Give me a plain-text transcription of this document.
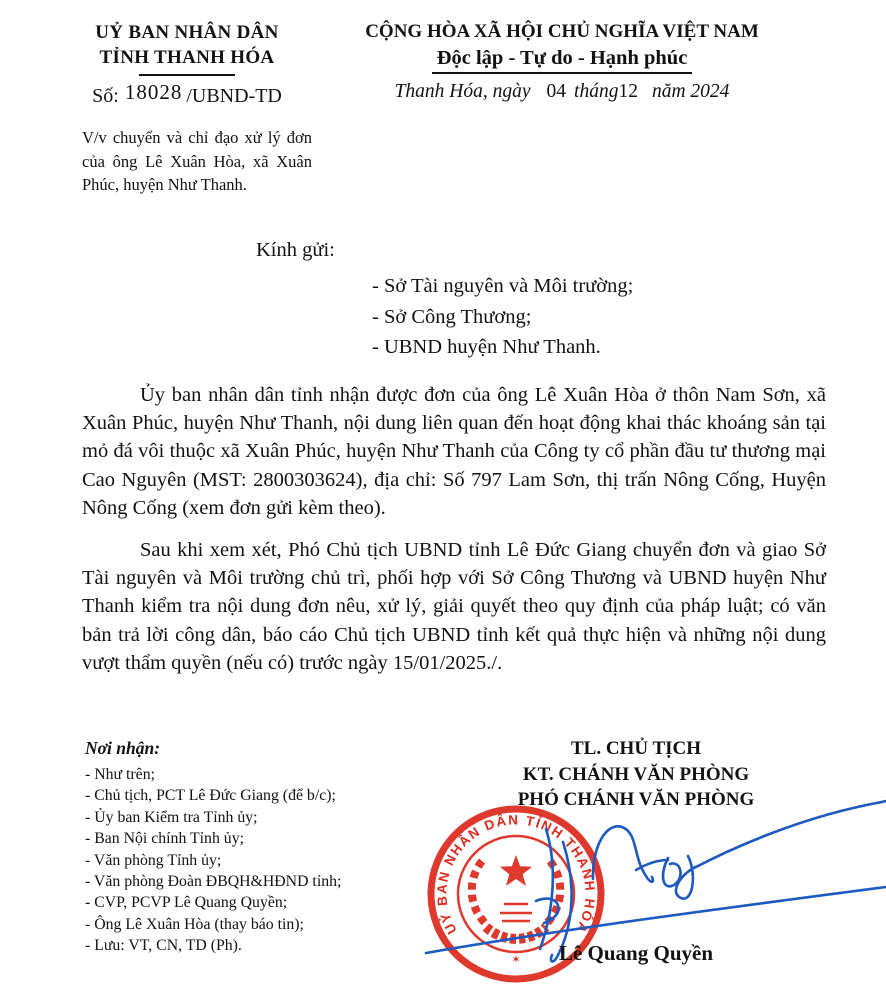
UỶ BAN NHÂN DÂN
TỈNH THANH HÓA
Số: 18028 /UBND-TD
V/v chuyển và chỉ đạo xử lý đơn của ông Lê Xuân Hòa, xã Xuân Phúc, huyện Như Thanh.
CỘNG HÒA XÃ HỘI CHỦ NGHĨA VIỆT NAM
Độc lập - Tự do - Hạnh phúc
Thanh Hóa, ngày 04 tháng12 năm 2024
Kính gửi:
- Sở Tài nguyên và Môi trường;
- Sở Công Thương;
- UBND huyện Như Thanh.

Ủy ban nhân dân tỉnh nhận được đơn của ông Lê Xuân Hòa ở thôn Nam Sơn, xã Xuân Phúc, huyện Như Thanh, nội dung liên quan đến hoạt động khai thác khoáng sản tại mỏ đá vôi thuộc xã Xuân Phúc, huyện Như Thanh của Công ty cổ phần đầu tư thương mại Cao Nguyên (MST: 2800303624), địa chỉ: Số 797 Lam Sơn, thị trấn Nông Cống, Huyện Nông Cống (xem đơn gửi kèm theo).

Sau khi xem xét, Phó Chủ tịch UBND tỉnh Lê Đức Giang chuyển đơn và giao Sở Tài nguyên và Môi trường chủ trì, phối hợp với Sở Công Thương và UBND huyện Như Thanh kiểm tra nội dung đơn nêu, xử lý, giải quyết theo quy định của pháp luật; có văn bản trả lời công dân, báo cáo Chủ tịch UBND tỉnh kết quả thực hiện và những nội dung vượt thẩm quyền (nếu có) trước ngày 15/01/2025./.

Nơi nhận:
- Như trên;
- Chủ tịch, PCT Lê Đức Giang (để b/c);
- Ủy ban Kiểm tra Tỉnh ủy;
- Ban Nội chính Tỉnh ủy;
- Văn phòng Tỉnh ủy;
- Văn phòng Đoàn ĐBQH&HĐND tỉnh;
- CVP, PCVP Lê Quang Quyền;
- Ông Lê Xuân Hòa (thay báo tin);
- Lưu: VT, CN, TD (Ph).
TL. CHỦ TỊCH
KT. CHÁNH VĂN PHÒNG
PHÓ CHÁNH VĂN PHÒNG
UỶ BAN NHÂN DÂN TỈNH THANH HÓA
✶	Lê Quang Quyền
